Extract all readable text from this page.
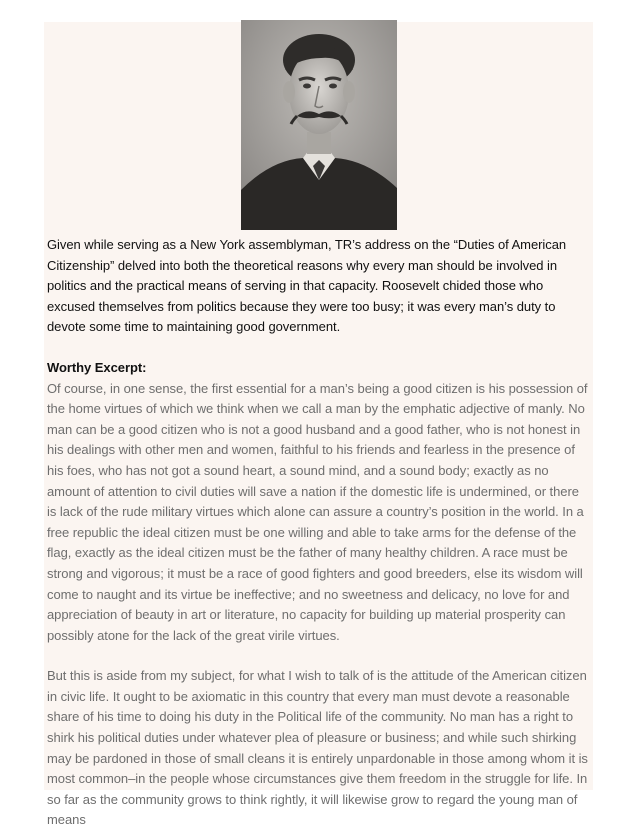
Given while serving as a New York assemblyman, TR’s address on the “Duties of American Citizenship” delved into both the theoretical reasons why every man should be involved in politics and the practical means of serving in that capacity. Roosevelt chided those who excused themselves from politics because they were too busy; it was every man’s duty to devote some time to maintaining good government.

Worthy Excerpt:

Of course, in one sense, the first essential for a man’s being a good citizen is his possession of the home virtues of which we think when we call a man by the emphatic adjective of manly. No man can be a good citizen who is not a good husband and a good father, who is not honest in his dealings with other men and women, faithful to his friends and fearless in the presence of his foes, who has not got a sound heart, a sound mind, and a sound body; exactly as no amount of attention to civil duties will save a nation if the domestic life is undermined, or there is lack of the rude military virtues which alone can assure a country’s position in the world. In a free republic the ideal citizen must be one willing and able to take arms for the defense of the flag, exactly as the ideal citizen must be the father of many healthy children. A race must be strong and vigorous; it must be a race of good fighters and good breeders, else its wisdom will come to naught and its virtue be ineffective; and no sweetness and delicacy, no love for and appreciation of beauty in art or literature, no capacity for building up material prosperity can possibly atone for the lack of the great virile virtues.

But this is aside from my subject, for what I wish to talk of is the attitude of the American citizen in civic life. It ought to be axiomatic in this country that every man must devote a reasonable share of his time to doing his duty in the Political life of the community. No man has a right to shirk his political duties under whatever plea of pleasure or business; and while such shirking may be pardoned in those of small cleans it is entirely unpardonable in those among whom it is most common–in the people whose circumstances give them freedom in the struggle for life. In so far as the community grows to think rightly, it will likewise grow to regard the young man of means
